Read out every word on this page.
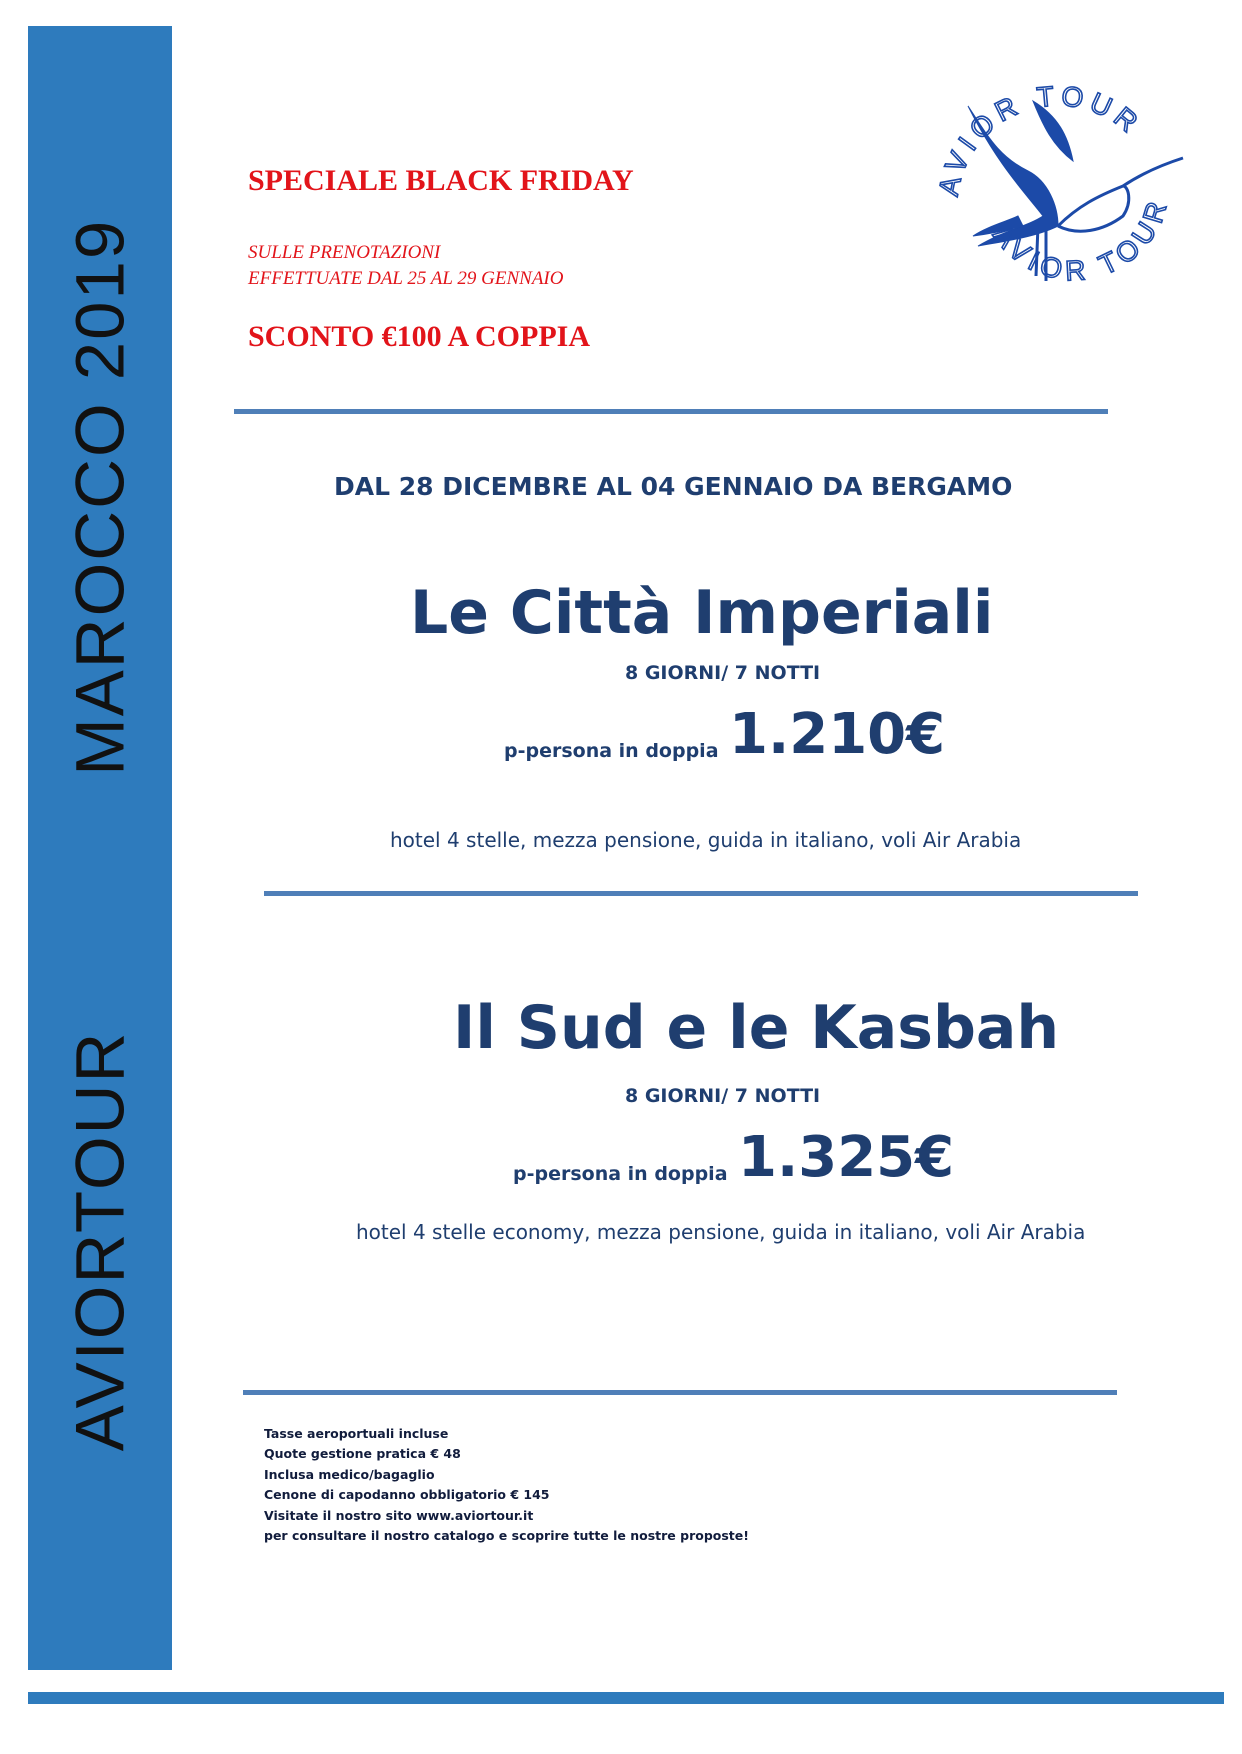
AVIORTOURMAROCCO 2019
SPECIALE BLACK FRIDAY
SULLE PRENOTAZIONI
EFFETTUATE DAL 25 AL 29 GENNAIO
SCONTO €100 A COPPIA
AVIOR TOUR
AVIOR TOUR
DAL 28 DICEMBRE AL 04 GENNAIO DA BERGAMO
Le Città Imperiali
8 GIORNI/ 7 NOTTI
p-persona in doppia 1.210€
hotel 4 stelle, mezza pensione, guida in italiano, voli Air Arabia
Il Sud e le Kasbah
8 GIORNI/ 7 NOTTI
p-persona in doppia 1.325€
hotel 4 stelle economy, mezza pensione, guida in italiano, voli Air Arabia
Tasse aeroportuali incluse
Quote gestione pratica € 48
Inclusa medico/bagaglio
Cenone di capodanno obbligatorio € 145
Visitate il nostro sito www.aviortour.it
per consultare il nostro catalogo e scoprire tutte le nostre proposte!
